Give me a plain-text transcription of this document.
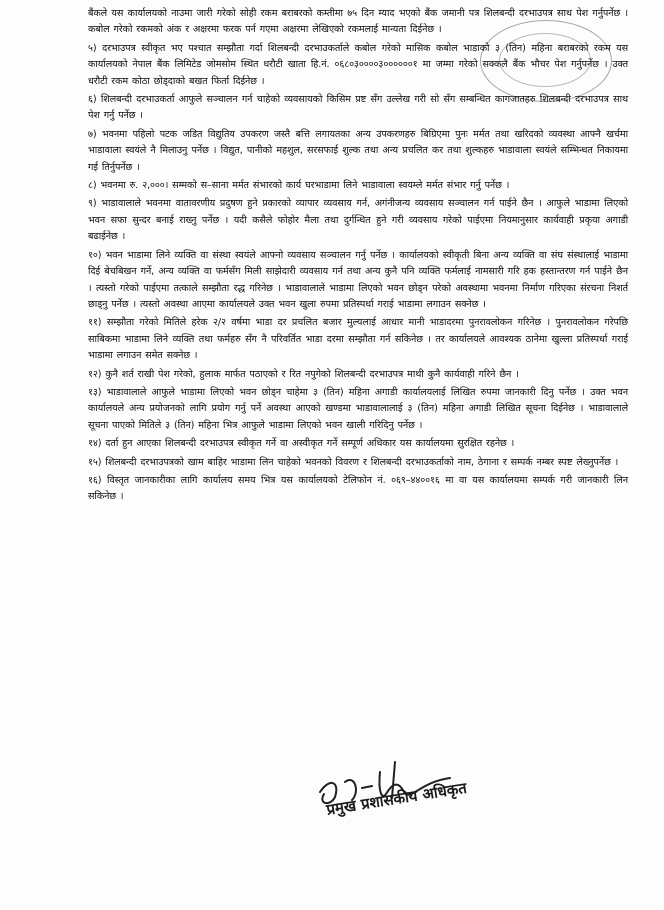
बैंकले यस कार्यालयको नाउमा जारी गरेको सोही रकम बराबरको कम्तीमा ७५ दिन म्याद भएको बैंक जमानी पत्र शिलबन्दी दरभाउपत्र साथ पेश गर्नुपर्नेछ । कबोल गरेको रकमको अंक र अक्षरमा फरक पर्न गएमा अक्षरमा लेखिएको रकमलाई मान्यता दिईनेछ ।

५) दरभाउपत्र स्वीकृत भए पश्चात सम्झौता गर्दा शिलबन्दी दरभाउकर्ताले कबोल गरेको मासिक कबोल भाडाको ३ (तिन) महिना बराबरको रकम यस कार्यालयको नेपाल बैंक लिमिटेड जोमसोम स्थित धरौटी खाता हि.नं. ०६८०३००००३००००००१ मा जम्मा गरेको सक्कलै बैंक भौचर पेश गर्नुपर्नेछ । उक्त धरौटी रकम कोठा छोड्दाको बखत फिर्ता दिईनेछ ।

६) शिलबन्दी दरभाउकर्ता आफुले सञ्चालन गर्न चाहेको व्यवसायको किसिम प्रष्ट सँग उल्लेख गरी सो सँग सम्बन्धित कागजातहरु शिलबन्दी दरभाउपत्र साथ पेश गर्नु पर्नेछ ।

७) भवनमा पहिलो पटक जडित विद्युतिय उपकरण जस्तै बत्ति लगायतका अन्य उपकरणहरु बिग्रिएमा पुनः मर्मत तथा खरिदको व्यवस्था आफ्नै खर्चमा भाडावाला स्वयंले नै मिलाउनु पर्नेछ । विद्युत, पानीको महशुल, सरसफाई शुल्क तथा अन्य प्रचलित कर तथा शुल्कहरु भाडावाला स्वयंले सम्भिन्धत निकायमा गई तिर्नुपर्नेछ ।

८) भवनमा रु. २,०००। सम्मको स–साना मर्मत संभारको कार्य घरभाडामा लिने भाडावाला स्वयम्ले मर्मत संभार गर्नु पर्नेछ ।

९) भाडावालाले भवनमा वातावरणीय प्रदुषण हुने प्रकारको व्यापार व्यवसाय गर्न, अगंनीजन्य व्यवसाय सञ्चालन गर्न पाईने छैन । आफुले भाडामा लिएको भवन सफा सुन्दर बनाई राख्नु पर्नेछ । यदी कसैले फोहोर मैला तथा दुर्गन्धित हुने गरी व्यवसाय गरेको पाईएमा नियमानुसार कार्यवाही प्रकृया अगाडी बढाईनेछ ।

१०) भवन भाडामा लिने व्यक्ति वा संस्था स्वयंले आफ्नो व्यवसाय सञ्चालन गर्नु पर्नेछ । कार्यालयको स्वीकृती बिना अन्य व्यक्ति वा संघ संस्थालाई भाडामा दिई बेचबिखन गर्ने, अन्य व्यक्ति वा फर्मसँग मिली साझेदारी व्यवसाय गर्न तथा अन्य कुनै पनि व्यक्ति फर्मलाई नामसारी गरि हक हस्तान्तरण गर्न पाईने छैन । त्यस्तो गरेको पाईएमा तत्काले सम्झौता रद्ध गरिनेछ । भाडावालाले भाडामा लिएको भवन छोड्न परेको अवस्थामा भवनमा निर्माण गरिएका संरचना निशर्त छाड्नु पर्नेछ । त्यस्तो अवस्था आएमा कार्यालयले उक्त भवन खुला रुपमा प्रतिस्पर्धा गराई भाडामा लगाउन सक्नेछ ।

११) सम्झौता गरेको मितिले हरेक २/२ वर्षमा भाडा दर प्रचलित बजार मुल्यलाई आधार मानी भाडादरमा पुनरावलोकन गरिनेछ । पुनरावलोकन गरेपछि साबिकमा भाडामा लिने व्यक्ति तथा फर्महरु सँग नै परिवर्तित भाडा दरमा सम्झौता गर्न सकिनेछ । तर कार्यालयले आवश्यक ठानेमा खुल्ला प्रतिस्पर्धा गराई भाडामा लगाउन समेत सक्नेछ ।

१२) कुनै शर्त राखी पेश गरेको, हुलाक मार्फत पठाएको र रित नपुगेको शिलबन्दी दरभाउपत्र माथी कुनै कार्यवाही गरिने छैन ।

१३) भाडावालाले आफुले भाडामा लिएको भवन छोड्न चाहेमा ३ (तिन) महिना अगाडी कार्यालयलाई लिखित रुपमा जानकारी दिनु पर्नेछ । उक्त भवन कार्यालयले अन्य प्रयोजनको लागि प्रयोग गर्नु पर्ने अवस्था आएको खण्डमा भाडावालालाई ३ (तिन) महिना अगाडी लिखित सूचना दिईनेछ । भाडावालाले सूचना पाएको मितिले ३ (तिन) महिना भित्र आफुले भाडामा लिएको भवन खाली गरिदिनु पर्नेछ ।

१४) दर्ता हुन आएका शिलबन्दी दरभाउपत्र स्वीकृत गर्ने वा अस्वीकृत गर्ने सम्पूर्ण अधिकार यस कार्यालयमा सुरक्षित रहनेछ ।

१५) शिलबन्दी दरभाउपत्रको खाम बाहिर भाडामा लिन चाहेको भवनको विवरण र शिलबन्दी दरभाउकर्ताको नाम, ठेगाना र सम्पर्क नम्बर स्पष्ट लेख्नुपर्नेछ ।

१६) विस्तृत जानकारीका लागि कार्यालय समय भित्र यस कार्यालयको टेलिफोन नं. ०६९–४४००१६ मा वा यस कार्यालयमा सम्पर्क गरी जानकारी लिन सकिनेछ ।

प्रमुख प्रशासकीय अधिकृत
